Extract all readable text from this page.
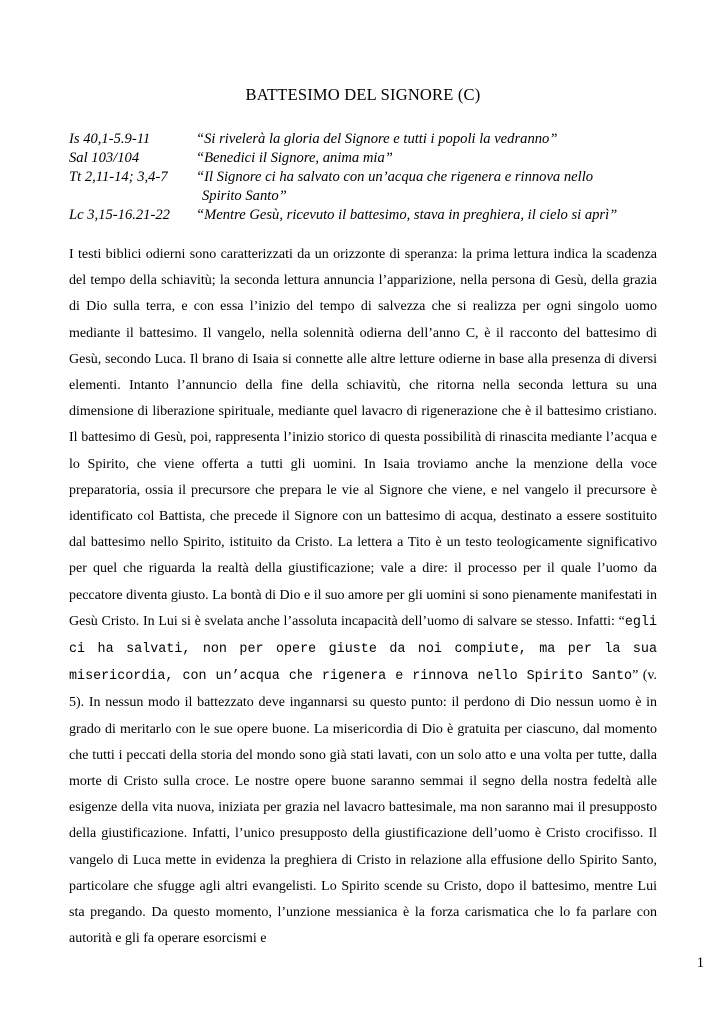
BATTESIMO DEL SIGNORE (C)
Is 40,1-5.9-11	“Si rivelerà la gloria del Signore e tutti i popoli la vedranno”
Sal 103/104	“Benedici il Signore, anima mia”
Tt 2,11-14; 3,4-7	“Il Signore ci ha salvato con un’acqua che rigenera e rinnova nello
Spirito Santo”
Lc 3,15-16.21-22	“Mentre Gesù, ricevuto il battesimo, stava in preghiera, il cielo si aprì”

I testi biblici odierni sono caratterizzati da un orizzonte di speranza: la prima lettura indica la scadenza del tempo della schiavitù; la seconda lettura annuncia l’apparizione, nella persona di Gesù, della grazia di Dio sulla terra, e con essa l’inizio del tempo di salvezza che si realizza per ogni singolo uomo mediante il battesimo. Il vangelo, nella solennità odierna dell’anno C, è il racconto del battesimo di Gesù, secondo Luca. Il brano di Isaia si connette alle altre letture odierne in base alla presenza di diversi elementi. Intanto l’annuncio della fine della schiavitù, che ritorna nella seconda lettura su una dimensione di liberazione spirituale, mediante quel lavacro di rigenerazione che è il battesimo cristiano. Il battesimo di Gesù, poi, rappresenta l’inizio storico di questa possibilità di rinascita mediante l’acqua e lo Spirito, che viene offerta a tutti gli uomini. In Isaia troviamo anche la menzione della voce preparatoria, ossia il precursore che prepara le vie al Signore che viene, e nel vangelo il precursore è identificato col Battista, che precede il Signore con un battesimo di acqua, destinato a essere sostituito dal battesimo nello Spirito, istituito da Cristo. La lettera a Tito è un testo teologicamente significativo per quel che riguarda la realtà della giustificazione; vale a dire: il processo per il quale l’uomo da peccatore diventa giusto. La bontà di Dio e il suo amore per gli uomini si sono pienamente manifestati in Gesù Cristo. In Lui si è svelata anche l’assoluta incapacità dell’uomo di salvare se stesso. Infatti: “egli ci ha salvati, non per opere giuste da noi compiute, ma per la sua misericordia, con un’acqua che rigenera e rinnova nello Spirito Santo” (v. 5). In nessun modo il battezzato deve ingannarsi su questo punto: il perdono di Dio nessun uomo è in grado di meritarlo con le sue opere buone. La misericordia di Dio è gratuita per ciascuno, dal momento che tutti i peccati della storia del mondo sono già stati lavati, con un solo atto e una volta per tutte, dalla morte di Cristo sulla croce. Le nostre opere buone saranno semmai il segno della nostra fedeltà alle esigenze della vita nuova, iniziata per grazia nel lavacro battesimale, ma non saranno mai il presupposto della giustificazione. Infatti, l’unico presupposto della giustificazione dell’uomo è Cristo crocifisso. Il vangelo di Luca mette in evidenza la preghiera di Cristo in relazione alla effusione dello Spirito Santo, particolare che sfugge agli altri evangelisti. Lo Spirito scende su Cristo, dopo il battesimo, mentre Lui sta pregando. Da questo momento, l’unzione messianica è la forza carismatica che lo fa parlare con autorità e gli fa operare esorcismi e

1
